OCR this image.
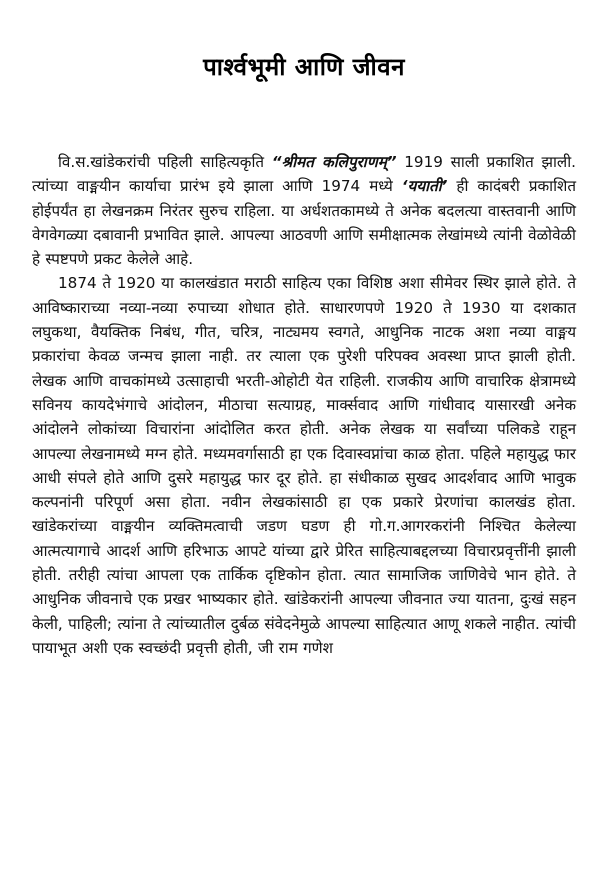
पार्श्वभूमी आणि जीवन

वि.स.खांडेकरांची पहिली साहित्यकृति “श्रीमत कलिपुराणम्” 1919 साली प्रकाशित झाली. त्यांच्या वाङ्मयीन कार्याचा प्रारंभ इये झाला आणि 1974 मध्ये ‘ययाती’ ही कादंबरी प्रकाशित होईपर्यंत हा लेखनक्रम निरंतर सुरुच राहिला. या अर्धशतकामध्ये ते अनेक बदलत्या वास्तवानी आणि वेगवेगळ्या दबावानी प्रभावित झाले. आपल्या आठवणी आणि समीक्षात्मक लेखांमध्ये त्यांनी वेळोवेळी हे स्पष्टपणे प्रकट केलेले आहे.

1874 ते 1920 या कालखंडात मराठी साहित्य एका विशिष्ठ अशा सीमेवर स्थिर झाले होते. ते आविष्काराच्या नव्या-नव्या रुपाच्या शोधात होते. साधारणपणे 1920 ते 1930 या दशकात लघुकथा, वैयक्तिक निबंध, गीत, चरित्र, नाट्यमय स्वगते, आधुनिक नाटक अशा नव्या वाङ्मय प्रकारांचा केवळ जन्मच झाला नाही. तर त्याला एक पुरेशी परिपक्व अवस्था प्राप्त झाली होती. लेखक आणि वाचकांमध्ये उत्साहाची भरती-ओहोटी येत राहिली. राजकीय आणि वाचारिक क्षेत्रामध्ये सविनय कायदेभंगाचे आंदोलन, मीठाचा सत्याग्रह, मार्क्सवाद आणि गांधीवाद यासारखी अनेक आंदोलने लोकांच्या विचारांना आंदोलित करत होती. अनेक लेखक या सर्वांच्या पलिकडे राहून आपल्या लेखनामध्ये मग्न होते. मध्यमवर्गासाठी हा एक दिवास्वप्नांचा काळ होता. पहिले महायुद्ध फार आधी संपले होते आणि दुसरे महायुद्ध फार दूर होते. हा संधीकाळ सुखद आदर्शवाद आणि भावुक कल्पनांनी परिपूर्ण असा होता. नवीन लेखकांसाठी हा एक प्रकारे प्रेरणांचा कालखंड होता. खांडेकरांच्या वाङ्मयीन व्यक्तिमत्वाची जडण घडण ही गो.ग.आगरकरांनी निश्चित केलेल्या आत्मत्यागाचे आदर्श आणि हरिभाऊ आपटे यांच्या द्वारे प्रेरित साहित्याबद्दलच्या विचारप्रवृत्तींनी झाली होती. तरीही त्यांचा आपला एक तार्किक दृष्टिकोन होता. त्यात सामाजिक जाणिवेचे भान होते. ते आधुनिक जीवनाचे एक प्रखर भाष्यकार होते. खांडेकरांनी आपल्या जीवनात ज्या यातना, दुःखं सहन केली, पाहिली; त्यांना ते त्यांच्यातील दुर्बळ संवेदनेमुळे आपल्या साहित्यात आणू शकले नाहीत. त्यांची पायाभूत अशी एक स्वच्छंदी प्रवृत्ती होती, जी राम गणेश
